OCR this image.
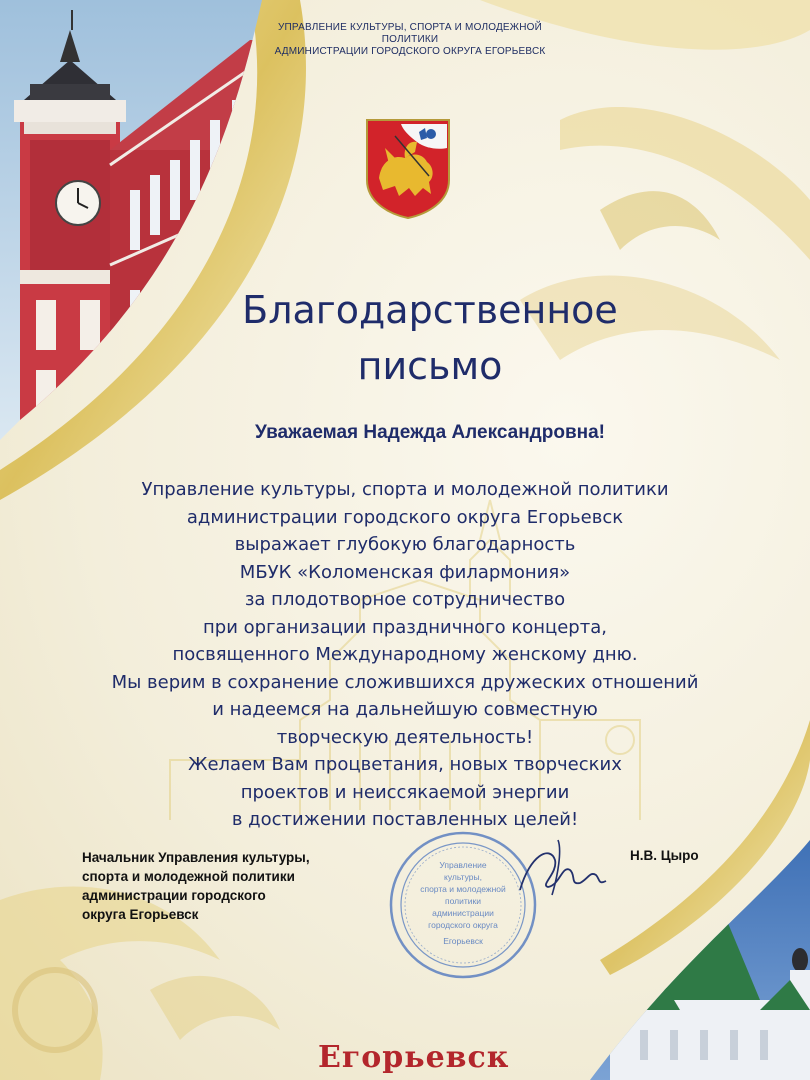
УПРАВЛЕНИЕ КУЛЬТУРЫ, СПОРТА И МОЛОДЕЖНОЙ ПОЛИТИКИ
АДМИНИСТРАЦИИ ГОРОДСКОГО ОКРУГА ЕГОРЬЕВСК
Благодарственное
письмо
Уважаемая Надежда Александровна!
Управление культуры, спорта и молодежной политики
администрации городского округа Егорьевск
выражает глубокую благодарность
МБУК «Коломенская филармония»
за плодотворное сотрудничество
при организации праздничного концерта,
посвященного Международному женскому дню.
Мы верим в сохранение сложившихся дружеских отношений
и надеемся на дальнейшую совместную
творческую деятельность!
Желаем Вам процветания, новых творческих
проектов и неиссякаемой энергии
в достижении поставленных целей!
Начальник Управления культуры,
спорта и молодежной политики
администрации городского
округа Егорьевск
Н.В. Цыро
Управление
культуры,
спорта и молодежной
политики
администрации
городского округа
Егорьевск
Егорьевск
